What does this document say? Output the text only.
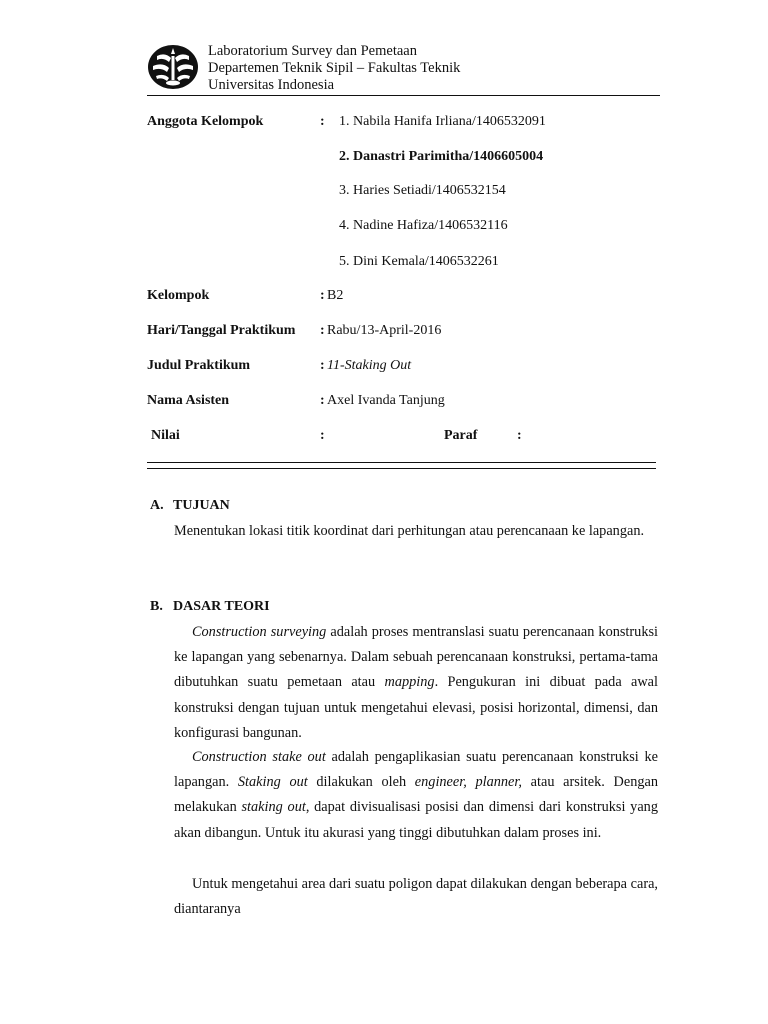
Laboratorium Survey dan Pemetaan
Departemen Teknik Sipil – Fakultas Teknik
Universitas Indonesia
Anggota Kelompok	: 1. Nabila Hanifa Irliana/1406532091
2. Danastri Parimitha/1406605004
3. Haries Setiadi/1406532154
4. Nadine Hafiza/1406532116
5. Dini Kemala/1406532261
Kelompok	: B2
Hari/Tanggal Praktikum : Rabu/13-April-2016
Judul Praktikum	: 11-Staking Out
Nama Asisten	: Axel Ivanda Tanjung
Nilai	:	Paraf	:
A. TUJUAN
Menentukan lokasi titik koordinat dari perhitungan atau perencanaan ke lapangan.
B. DASAR TEORI
Construction surveying adalah proses mentranslasi suatu perencanaan konstruksi ke lapangan yang sebenarnya. Dalam sebuah perencanaan konstruksi, pertama-tama dibutuhkan suatu pemetaan atau mapping. Pengukuran ini dibuat pada awal konstruksi dengan tujuan untuk mengetahui elevasi, posisi horizontal, dimensi, dan konfigurasi bangunan.
Construction stake out adalah pengaplikasian suatu perencanaan konstruksi ke lapangan. Staking out dilakukan oleh engineer, planner, atau arsitek. Dengan melakukan staking out, dapat divisualisasi posisi dan dimensi dari konstruksi yang akan dibangun. Untuk itu akurasi yang tinggi dibutuhkan dalam proses ini.
Untuk mengetahui area dari suatu poligon dapat dilakukan dengan beberapa cara, diantaranya
